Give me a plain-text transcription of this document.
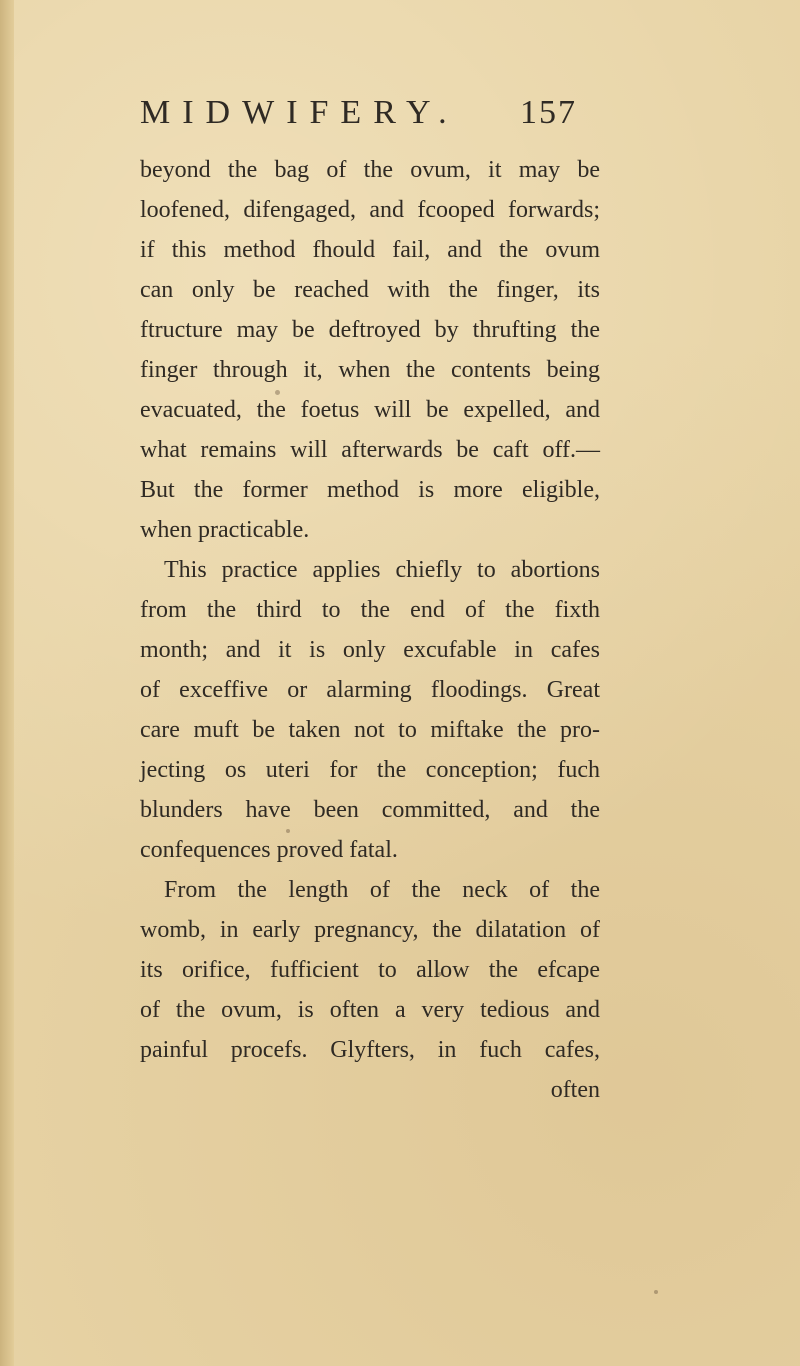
MIDWIFERY. 157
beyond the bag of the ovum, it may be
loofened, difengaged, and fcooped forwards;
if this method fhould fail, and the ovum
can only be reached with the finger, its
ftructure may be deftroyed by thrufting the
finger through it, when the contents being
evacuated, the foetus will be expelled, and
what remains will afterwards be caft off.—
But the former method is more eligible,
when practicable.
This practice applies chiefly to abortions
from the third to the end of the fixth
month; and it is only excufable in cafes
of exceffive or alarming floodings. Great
care muft be taken not to miftake the pro-
jecting os uteri for the conception; fuch
blunders have been committed, and the
confequences proved fatal.
From the length of the neck of the
womb, in early pregnancy, the dilatation of
its orifice, fufficient to allow the efcape
of the ovum, is often a very tedious and
painful procefs. Glyfters, in fuch cafes,
often
